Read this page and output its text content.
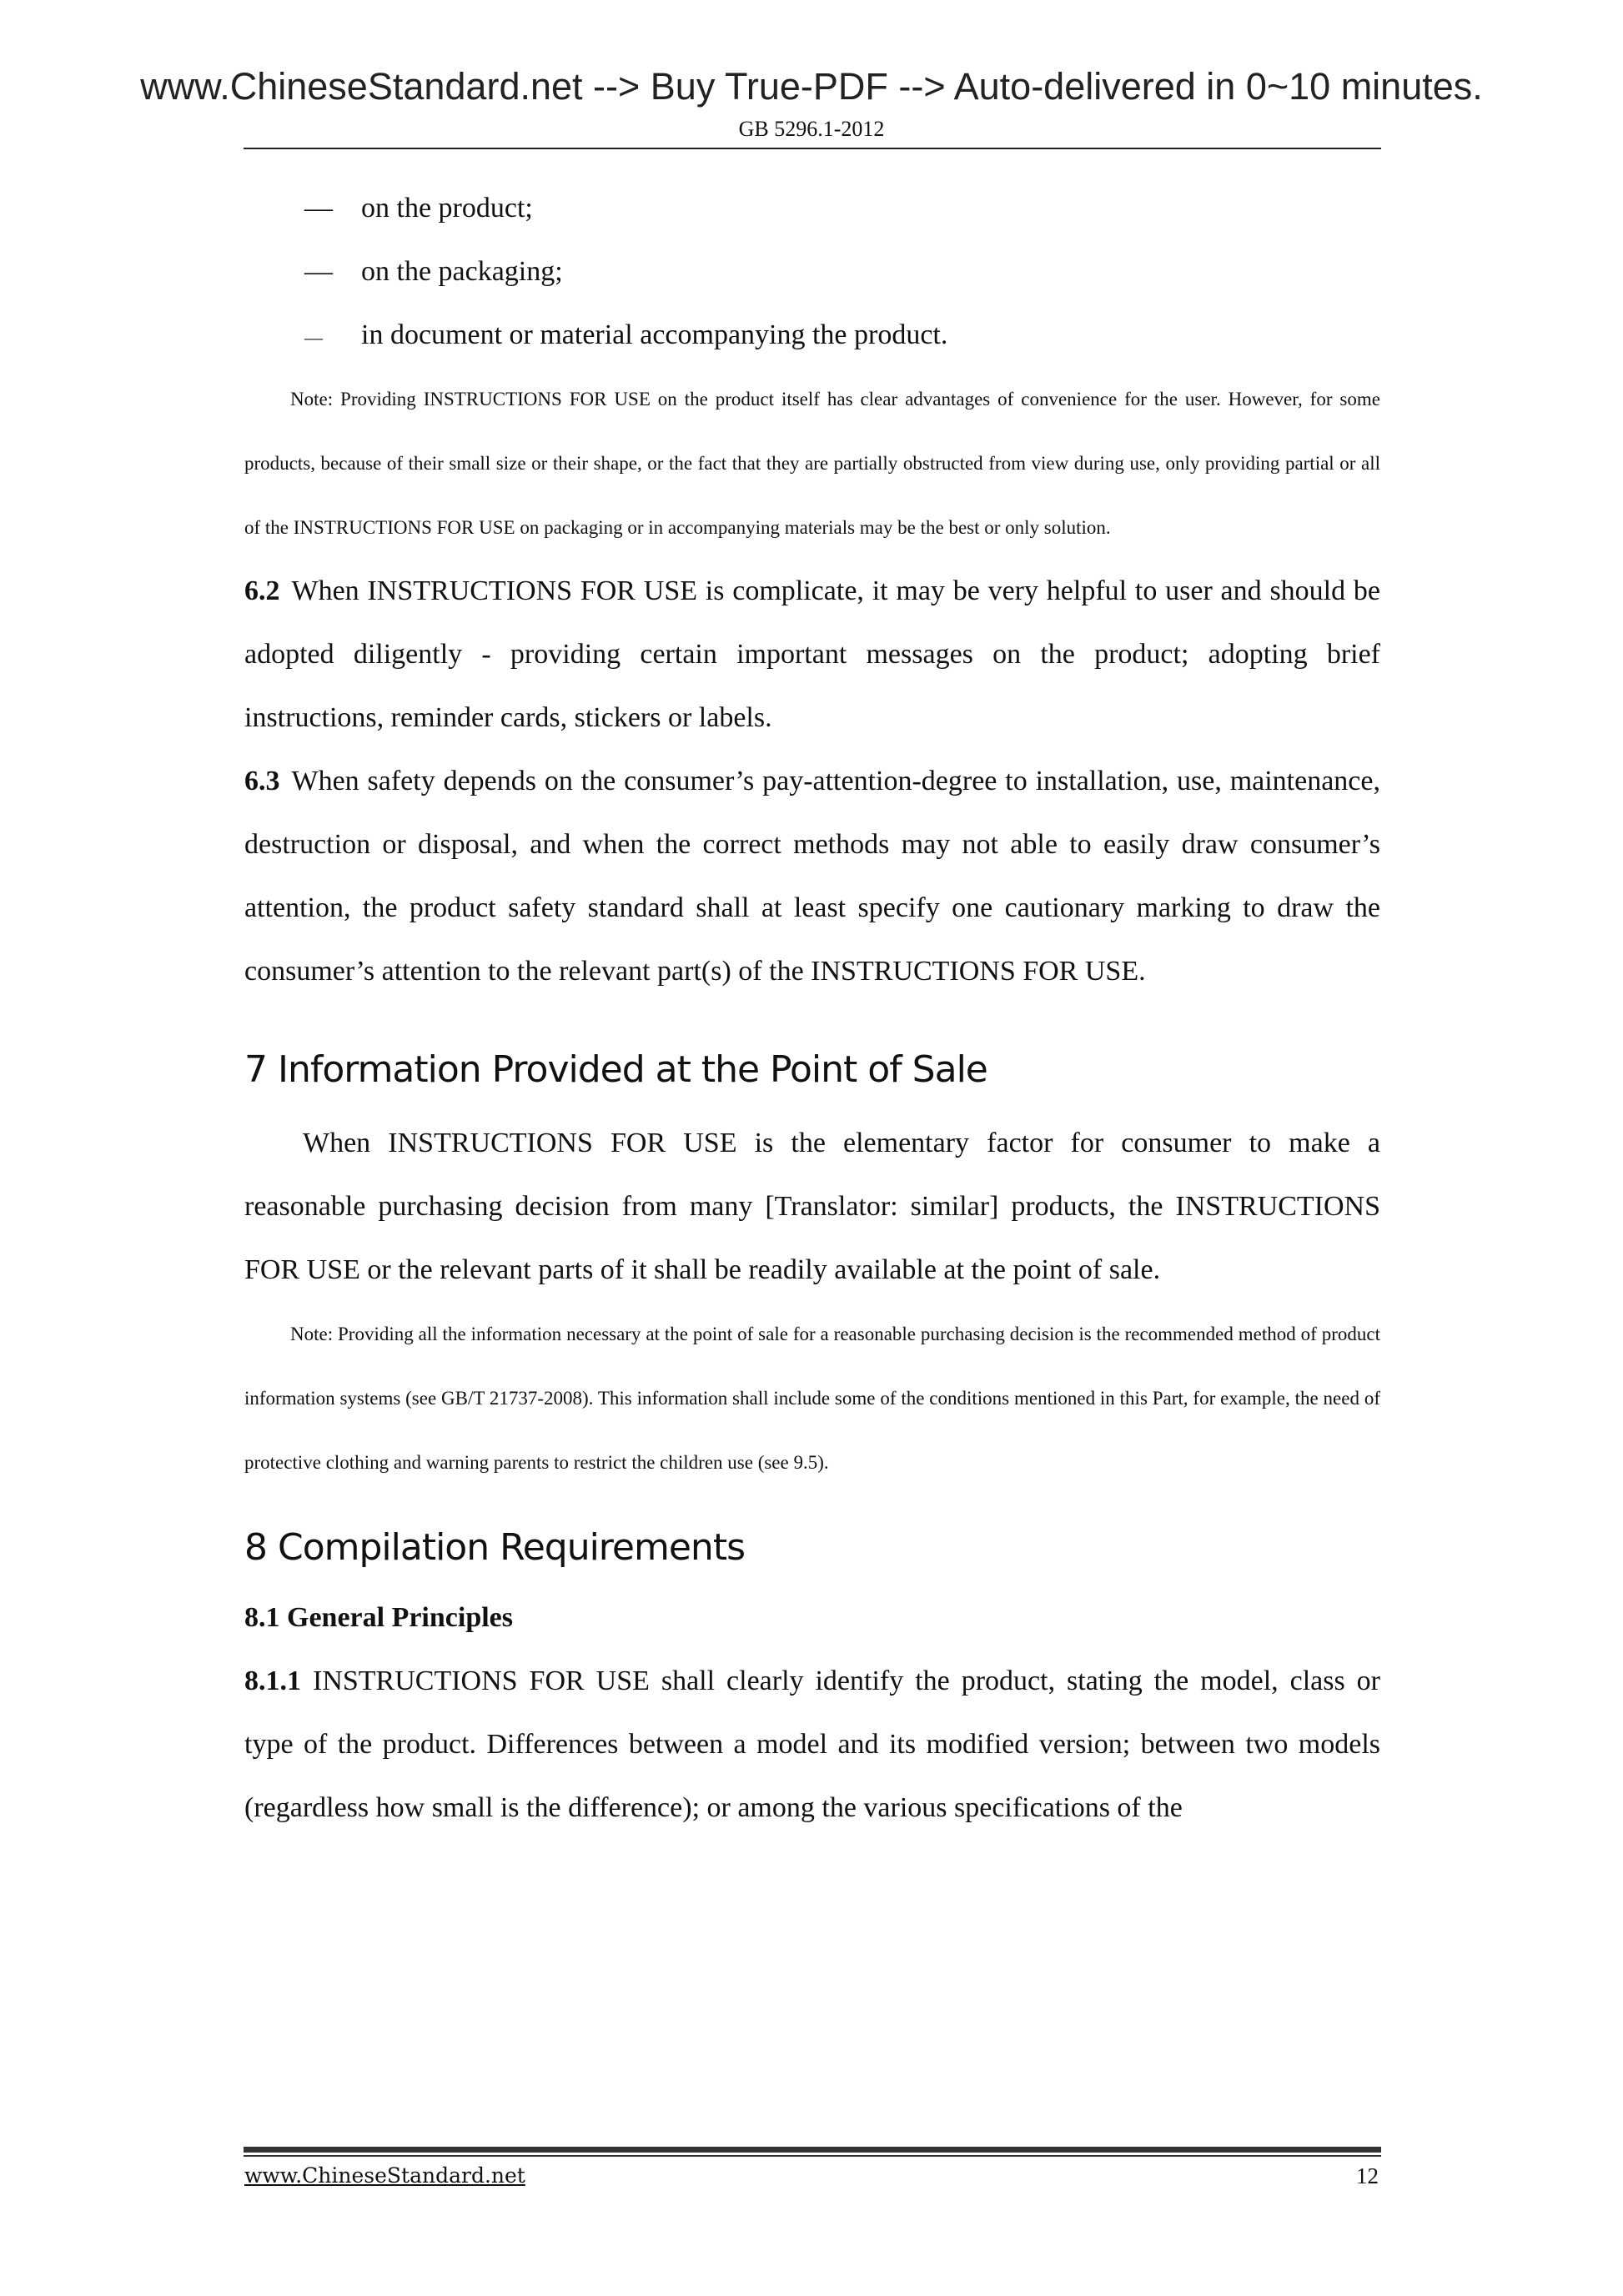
www.ChineseStandard.net --> Buy True-PDF --> Auto-delivered in 0~10 minutes.
GB 5296.1-2012
—	on the product;
—	on the packaging;
—	in document or material accompanying the product.

Note: Providing INSTRUCTIONS FOR USE on the product itself has clear advantages of convenience for the user. However, for some products, because of their small size or their shape, or the fact that they are partially obstructed from view during use, only providing partial or all of the INSTRUCTIONS FOR USE on packaging or in accompanying materials may be the best or only solution.

6.2 When INSTRUCTIONS FOR USE is complicate, it may be very helpful to user and should be adopted diligently - providing certain important messages on the product; adopting brief instructions, reminder cards, stickers or labels.

6.3 When safety depends on the consumer’s pay-attention-degree to installation, use, maintenance, destruction or disposal, and when the correct methods may not able to easily draw consumer’s attention, the product safety standard shall at least specify one cautionary marking to draw the consumer’s attention to the relevant part(s) of the INSTRUCTIONS FOR USE.

7 Information Provided at the Point of Sale

When INSTRUCTIONS FOR USE is the elementary factor for consumer to make a reasonable purchasing decision from many [Translator: similar] products, the INSTRUCTIONS FOR USE or the relevant parts of it shall be readily available at the point of sale.

Note: Providing all the information necessary at the point of sale for a reasonable purchasing decision is the recommended method of product information systems (see GB/T 21737-2008). This information shall include some of the conditions mentioned in this Part, for example, the need of protective clothing and warning parents to restrict the children use (see 9.5).

8 Compilation Requirements
8.1 General Principles

8.1.1 INSTRUCTIONS FOR USE shall clearly identify the product, stating the model, class or type of the product. Differences between a model and its modified version; between two models (regardless how small is the difference); or among the various specifications of the

www.ChineseStandard.net	12
